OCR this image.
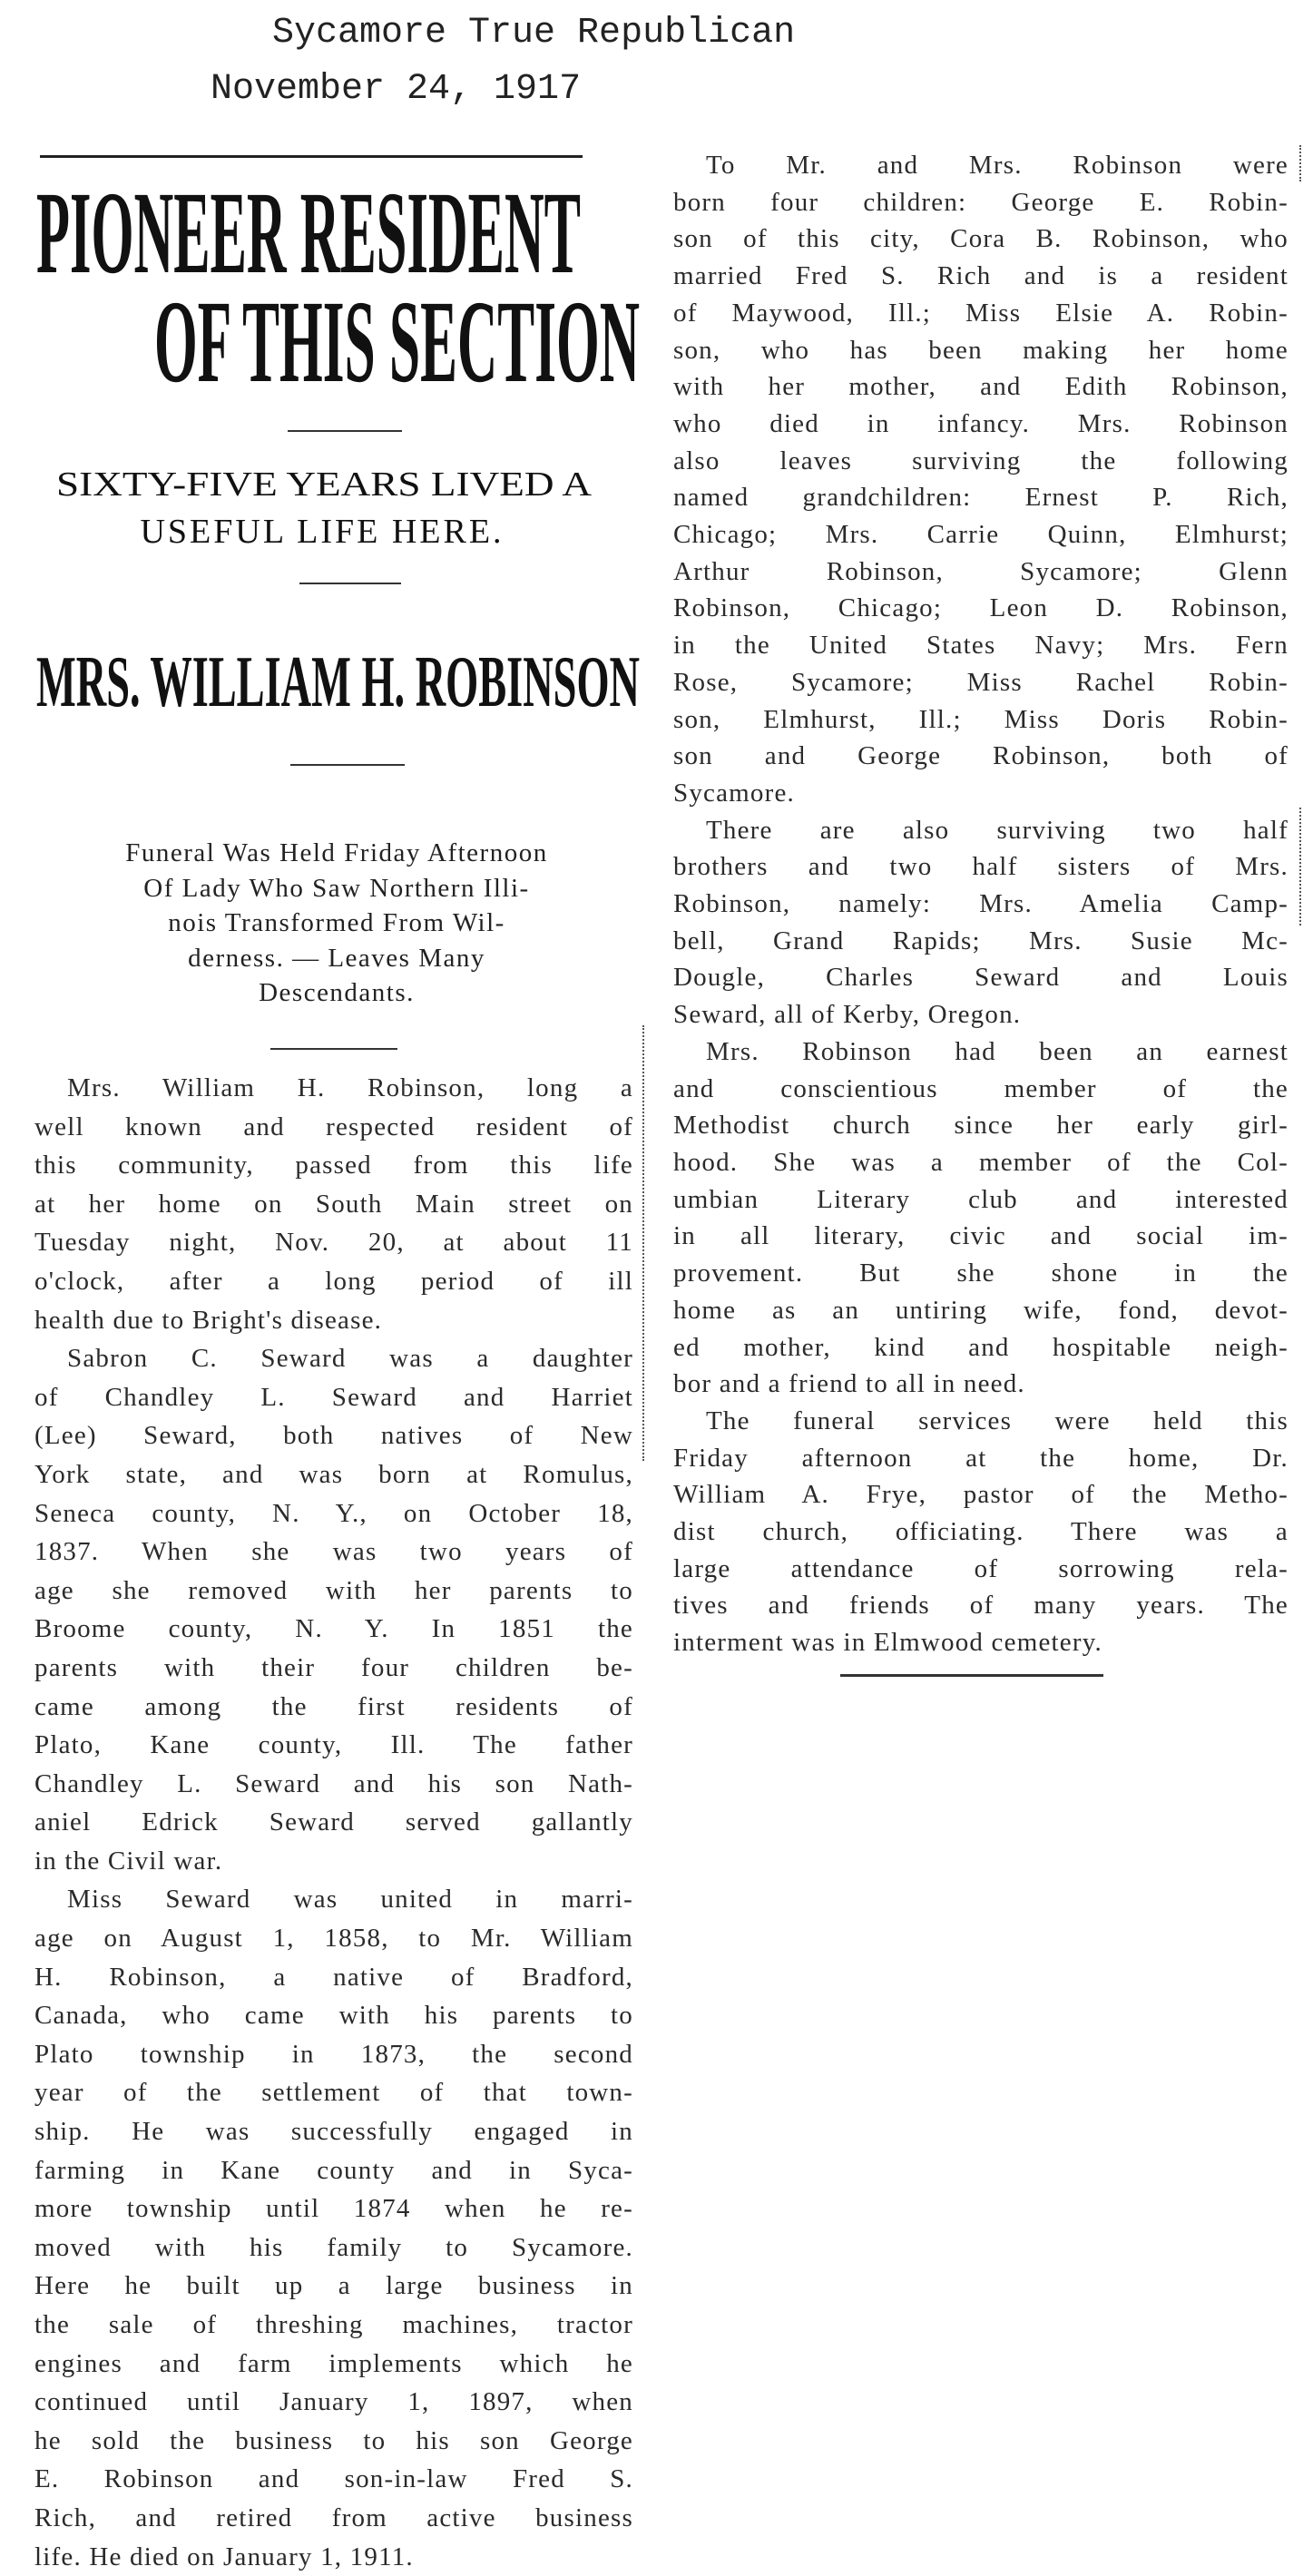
Sycamore True Republican
November 24, 1917
PIONEER RESIDENT
OF THIS SECTION
SIXTY-FIVE YEARS LIVED A
USEFUL LIFE HERE.
MRS. WILLIAM H. ROBINSON
Funeral Was Held Friday Afternoon
Of Lady Who Saw Northern Illi-
nois Transformed From Wil-
derness. — Leaves Many
Descendants.
Mrs. William H. Robinson, long a
well known and respected resident of
this community, passed from this life
at her home on South Main street on
Tuesday night, Nov. 20, at about 11
o'clock, after a long period of ill
health due to Bright's disease.
Sabron C. Seward was a daughter
of Chandley L. Seward and Harriet
(Lee) Seward, both natives of New
York state, and was born at Romulus,
Seneca county, N. Y., on October 18,
1837. When she was two years of
age she removed with her parents to
Broome county, N. Y. In 1851 the
parents with their four children be-
came among the first residents of
Plato, Kane county, Ill. The father
Chandley L. Seward and his son Nath-
aniel Edrick Seward served gallantly
in the Civil war.
Miss Seward was united in marri-
age on August 1, 1858, to Mr. William
H. Robinson, a native of Bradford,
Canada, who came with his parents to
Plato township in 1873, the second
year of the settlement of that town-
ship. He was successfully engaged in
farming in Kane county and in Syca-
more township until 1874 when he re-
moved with his family to Sycamore.
Here he built up a large business in
the sale of threshing machines, tractor
engines and farm implements which he
continued until January 1, 1897, when
he sold the business to his son George
E. Robinson and son-in-law Fred S.
Rich, and retired from active business
life. He died on January 1, 1911.
To Mr. and Mrs. Robinson were
born four children: George E. Robin-
son of this city, Cora B. Robinson, who
married Fred S. Rich and is a resident
of Maywood, Ill.; Miss Elsie A. Robin-
son, who has been making her home
with her mother, and Edith Robinson,
who died in infancy. Mrs. Robinson
also leaves surviving the following
named grandchildren: Ernest P. Rich,
Chicago; Mrs. Carrie Quinn, Elmhurst;
Arthur Robinson, Sycamore; Glenn
Robinson, Chicago; Leon D. Robinson,
in the United States Navy; Mrs. Fern
Rose, Sycamore; Miss Rachel Robin-
son, Elmhurst, Ill.; Miss Doris Robin-
son and George Robinson, both of
Sycamore.
There are also surviving two half
brothers and two half sisters of Mrs.
Robinson, namely: Mrs. Amelia Camp-
bell, Grand Rapids; Mrs. Susie Mc-
Dougle, Charles Seward and Louis
Seward, all of Kerby, Oregon.
Mrs. Robinson had been an earnest
and conscientious member of the
Methodist church since her early girl-
hood. She was a member of the Col-
umbian Literary club and interested
in all literary, civic and social im-
provement. But she shone in the
home as an untiring wife, fond, devot-
ed mother, kind and hospitable neigh-
bor and a friend to all in need.
The funeral services were held this
Friday afternoon at the home, Dr.
William A. Frye, pastor of the Metho-
dist church, officiating. There was a
large attendance of sorrowing rela-
tives and friends of many years. The
interment was in Elmwood cemetery.
